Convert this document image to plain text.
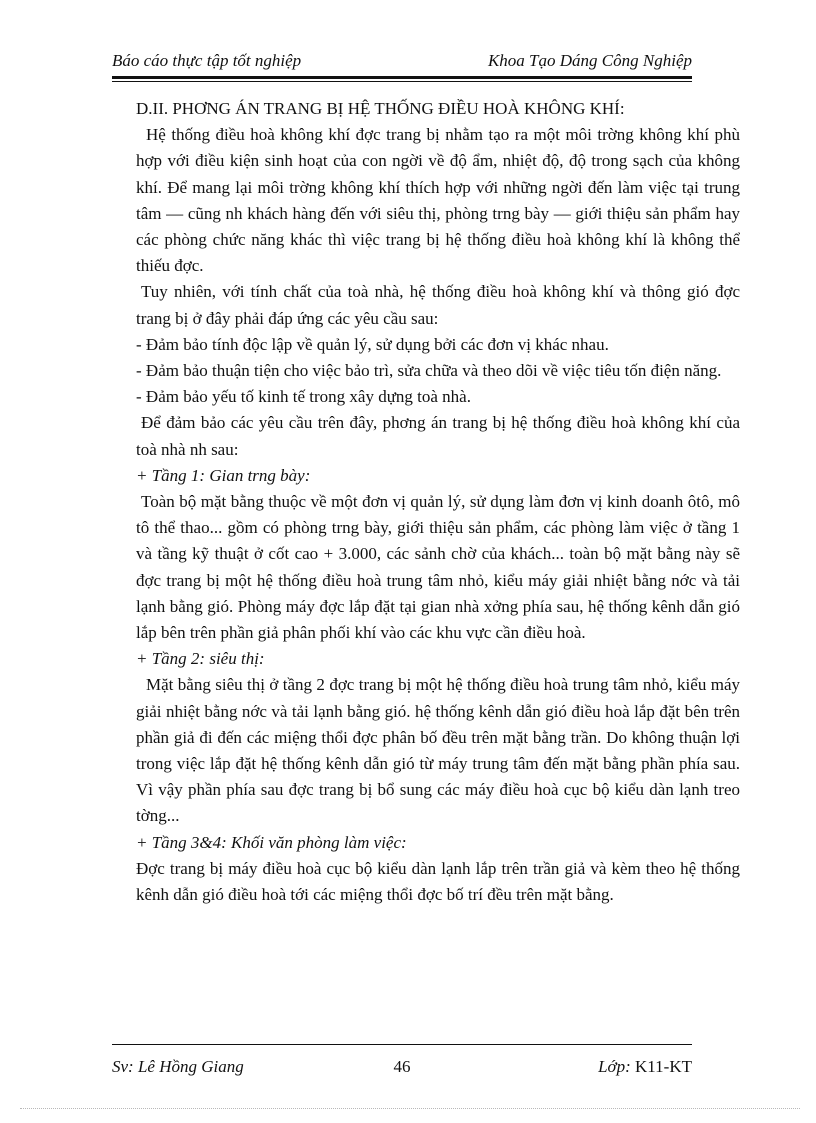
Báo cáo thực tập tốt nghiệp	Khoa Tạo Dáng Công Nghiệp

D.II. PHƠNG ÁN TRANG BỊ HỆ THỐNG ĐIỀU HOÀ KHÔNG KHÍ:

Hệ thống điều hoà không khí đợc trang bị nhằm tạo ra một môi trờng không khí phù hợp với điều kiện sinh hoạt của con ngời về độ ẩm, nhiệt độ, độ trong sạch của không khí. Để mang lại môi trờng không khí thích hợp với những ngời đến làm việc tại trung tâm — cũng nh khách hàng đến với siêu thị, phòng trng bày — giới thiệu sản phẩm hay các phòng chức năng khác thì việc trang bị hệ thống điều hoà không khí là không thể thiếu đợc.

Tuy nhiên, với tính chất của toà nhà, hệ thống điều hoà không khí và thông gió đợc trang bị ở đây phải đáp ứng các yêu cầu sau:

- Đảm bảo tính độc lập về quản lý, sử dụng bởi các đơn vị khác nhau.

- Đảm bảo thuận tiện cho việc bảo trì, sửa chữa và theo dõi về việc tiêu tốn điện năng.

- Đảm bảo yếu tố kinh tế trong xây dựng toà nhà.

Để đảm bảo các yêu cầu trên đây, phơng án trang bị hệ thống điều hoà không khí của toà nhà nh sau:

+ Tầng 1: Gian trng bày:

Toàn bộ mặt bằng thuộc về một đơn vị quản lý, sử dụng làm đơn vị kinh doanh ôtô, mô tô thể thao... gồm có phòng trng bày, giới thiệu sản phẩm, các phòng làm việc ở tầng 1 và tầng kỹ thuật ở cốt cao + 3.000, các sảnh chờ của khách... toàn bộ mặt bằng này sẽ đợc trang bị một hệ thống điều hoà trung tâm nhỏ, kiểu máy giải nhiệt bằng nớc và tải lạnh bằng gió. Phòng máy đợc lắp đặt tại gian nhà xởng phía sau, hệ thống kênh dẫn gió lắp bên trên phần giả phân phối khí vào các khu vực cần điều hoà.

+ Tầng 2: siêu thị:

Mặt bằng siêu thị ở tầng 2 đợc trang bị một hệ thống điều hoà trung tâm nhỏ, kiểu máy giải nhiệt bằng nớc và tải lạnh bằng gió. hệ thống kênh dẫn gió điều hoà lắp đặt bên trên phần giả đi đến các miệng thổi đợc phân bố đều trên mặt bằng trần. Do không thuận lợi trong việc lắp đặt hệ thống kênh dẫn gió từ máy trung tâm đến mặt bằng phần phía sau. Vì vậy phần phía sau đợc trang bị bổ sung các máy điều hoà cục bộ kiểu dàn lạnh treo tờng...

+ Tầng 3&4: Khối văn phòng làm việc:

Đợc trang bị máy điều hoà cục bộ kiểu dàn lạnh lắp trên trần giả và kèm theo hệ thống kênh dẫn gió điều hoà tới các miệng thổi đợc bố trí đều trên mặt bằng.

Sv: Lê Hồng Giang	46	Lớp: K11-KT
